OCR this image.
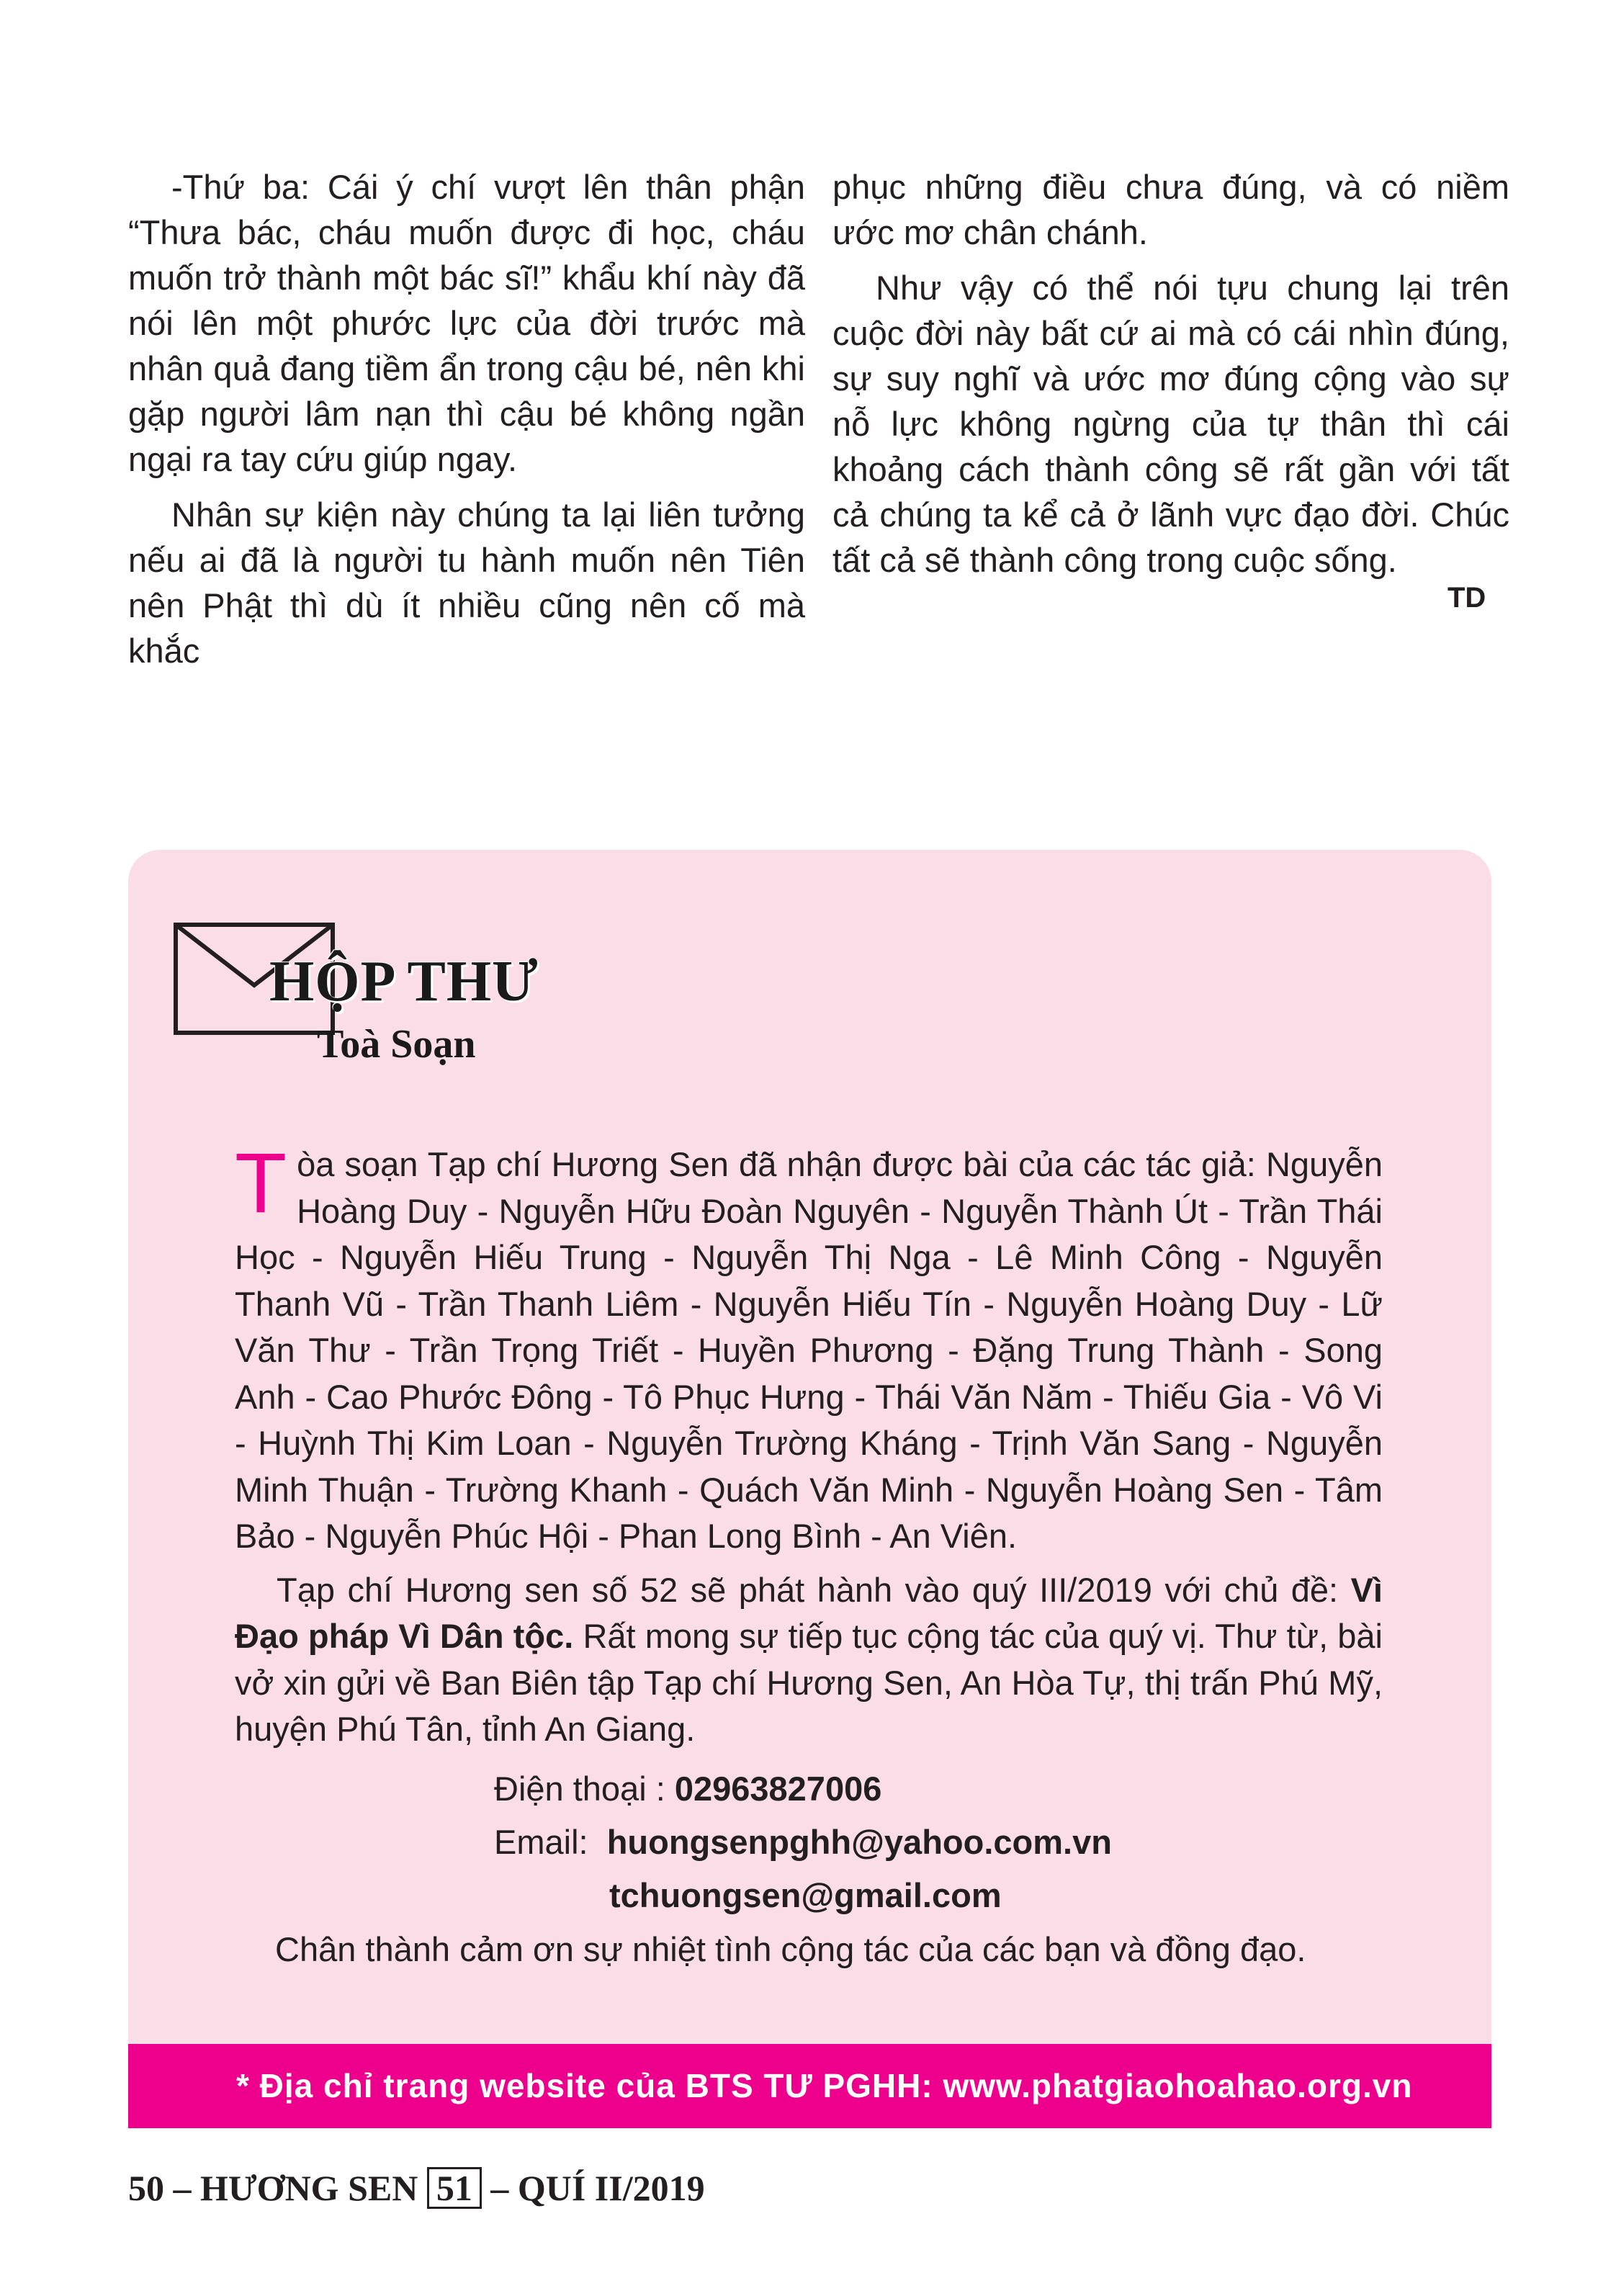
-Thứ ba: Cái ý chí vượt lên thân phận “Thưa bác, cháu muốn được đi học, cháu muốn trở thành một bác sĩ!” khẩu khí này đã nói lên một phước lực của đời trước mà nhân quả đang tiềm ẩn trong cậu bé, nên khi gặp người lâm nạn thì cậu bé không ngần ngại ra tay cứu giúp ngay.

Nhân sự kiện này chúng ta lại liên tưởng nếu ai đã là người tu hành muốn nên Tiên nên Phật thì dù ít nhiều cũng nên cố mà khắc

phục những điều chưa đúng, và có niềm ước mơ chân chánh.

Như vậy có thể nói tựu chung lại trên cuộc đời này bất cứ ai mà có cái nhìn đúng, sự suy nghĩ và ước mơ đúng cộng vào sự nỗ lực không ngừng của tự thân thì cái khoảng cách thành công sẽ rất gần với tất cả chúng ta kể cả ở lãnh vực đạo đời. Chúc tất cả sẽ thành công trong cuộc sống.

TD
HỘP THƯ
Toà Soạn

Tòa soạn Tạp chí Hương Sen đã nhận được bài của các tác giả: Nguyễn Hoàng Duy - Nguyễn Hữu Đoàn Nguyên - Nguyễn Thành Út - Trần Thái Học - Nguyễn Hiếu Trung - Nguyễn Thị Nga - Lê Minh Công - Nguyễn Thanh Vũ - Trần Thanh Liêm - Nguyễn Hiếu Tín - Nguyễn Hoàng Duy - Lữ Văn Thư - Trần Trọng Triết - Huyền Phương - Đặng Trung Thành - Song Anh - Cao Phước Đông - Tô Phục Hưng - Thái Văn Năm - Thiếu Gia - Vô Vi - Huỳnh Thị Kim Loan - Nguyễn Trường Kháng - Trịnh Văn Sang - Nguyễn Minh Thuận - Trường Khanh - Quách Văn Minh - Nguyễn Hoàng Sen - Tâm Bảo - Nguyễn Phúc Hội - Phan Long Bình - An Viên.

Tạp chí Hương sen số 52 sẽ phát hành vào quý III/2019 với chủ đề: Vì Đạo pháp Vì Dân tộc. Rất mong sự tiếp tục cộng tác của quý vị. Thư từ, bài vở xin gửi về Ban Biên tập Tạp chí Hương Sen, An Hòa Tự, thị trấn Phú Mỹ, huyện Phú Tân, tỉnh An Giang.

Điện thoại : 02963827006
Email: huongsenpghh@yahoo.com.vn
tchuongsen@gmail.com
Chân thành cảm ơn sự nhiệt tình cộng tác của các bạn và đồng đạo.
* Địa chỉ trang website của BTS TƯ PGHH: www.phatgiaohoahao.org.vn
50 – HƯƠNG SEN 51 – QUÍ II/2019
